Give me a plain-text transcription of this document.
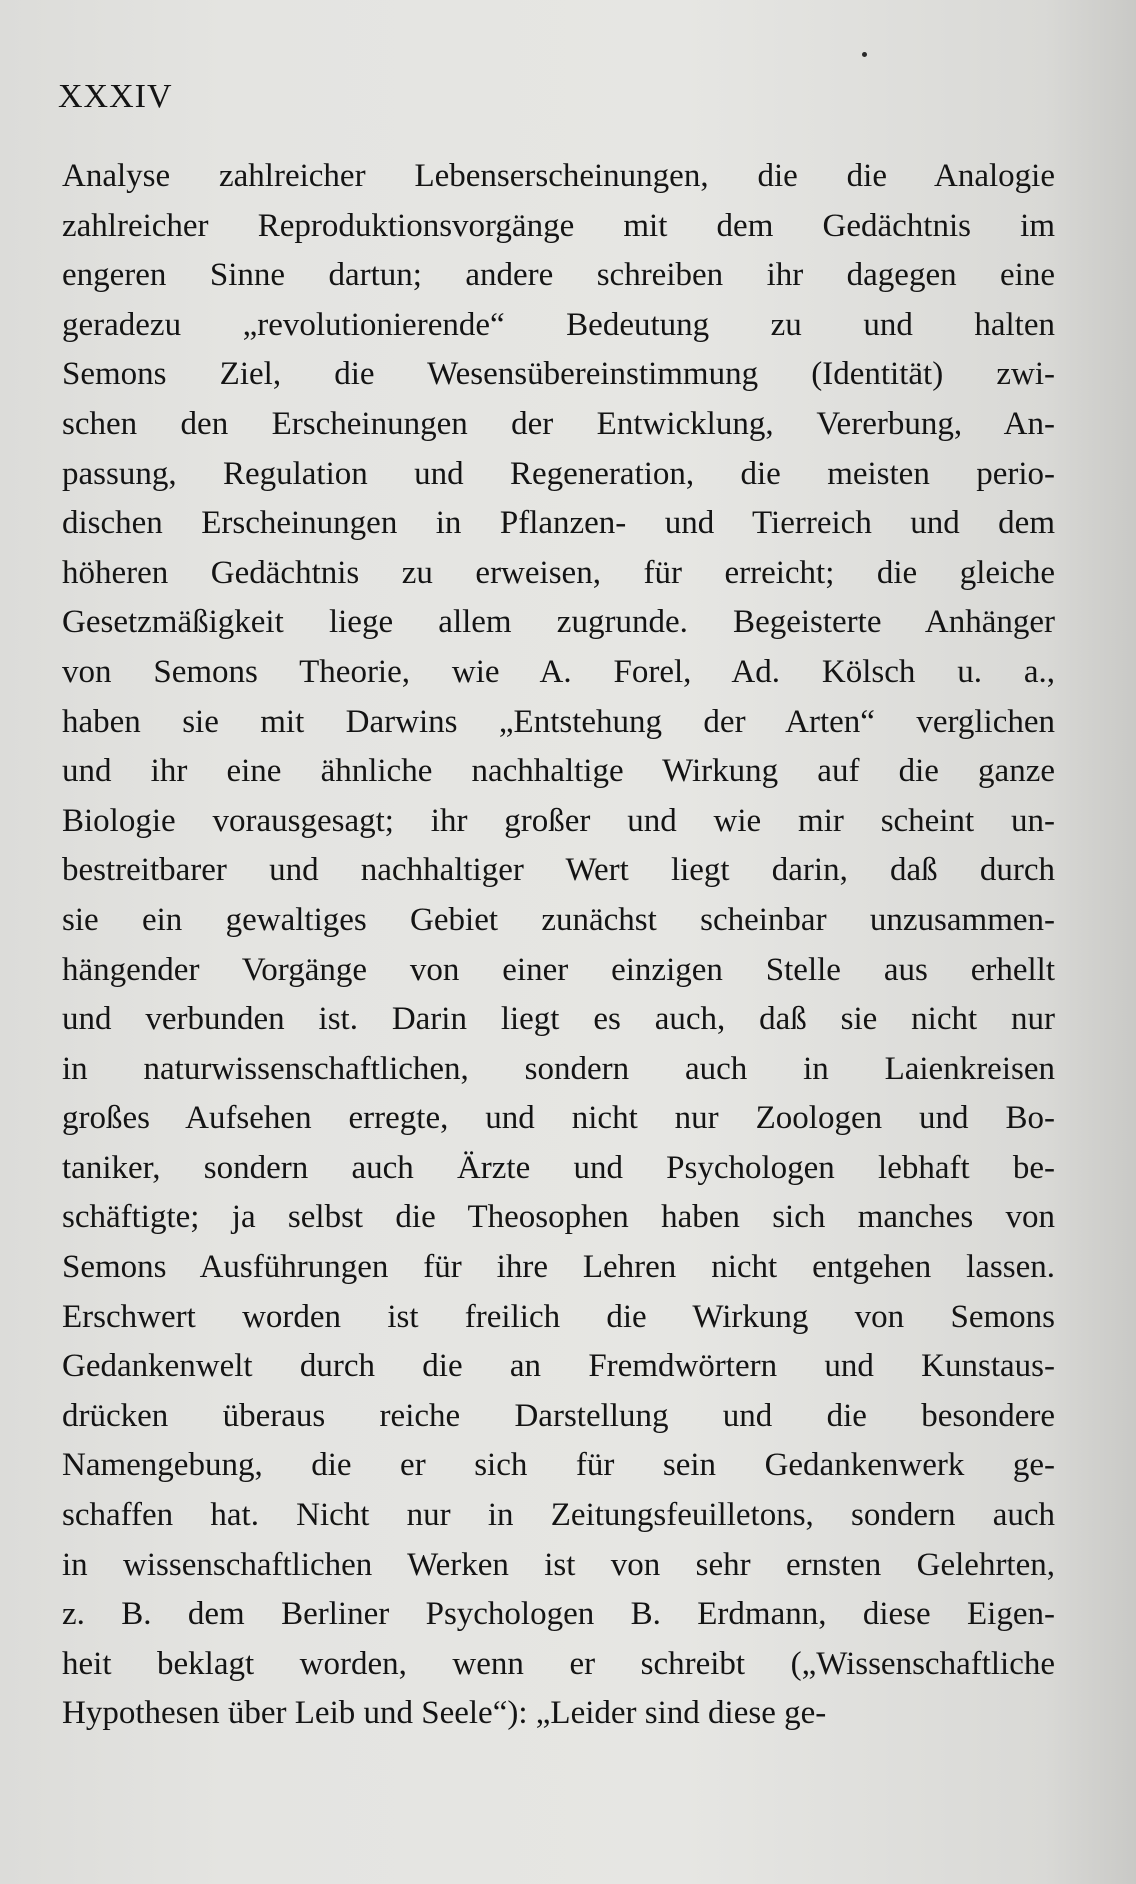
XXXIV
Analyse zahlreicher Lebenserscheinungen, die die Analogie
zahlreicher Reproduktionsvorgänge mit dem Gedächtnis im
engeren Sinne dartun; andere schreiben ihr dagegen eine
geradezu „revolutionierende“ Bedeutung zu und halten
Semons Ziel, die Wesensübereinstimmung (Identität) zwi-
schen den Erscheinungen der Entwicklung, Vererbung, An-
passung, Regulation und Regeneration, die meisten perio-
dischen Erscheinungen in Pflanzen- und Tierreich und dem
höheren Gedächtnis zu erweisen, für erreicht; die gleiche
Gesetzmäßigkeit liege allem zugrunde. Begeisterte Anhänger
von Semons Theorie, wie A. Forel, Ad. Kölsch u. a.,
haben sie mit Darwins „Entstehung der Arten“ verglichen
und ihr eine ähnliche nachhaltige Wirkung auf die ganze
Biologie vorausgesagt; ihr großer und wie mir scheint un-
bestreitbarer und nachhaltiger Wert liegt darin, daß durch
sie ein gewaltiges Gebiet zunächst scheinbar unzusammen-
hängender Vorgänge von einer einzigen Stelle aus erhellt
und verbunden ist. Darin liegt es auch, daß sie nicht nur
in naturwissenschaftlichen, sondern auch in Laienkreisen
großes Aufsehen erregte, und nicht nur Zoologen und Bo-
taniker, sondern auch Ärzte und Psychologen lebhaft be-
schäftigte; ja selbst die Theosophen haben sich manches von
Semons Ausführungen für ihre Lehren nicht entgehen lassen.
Erschwert worden ist freilich die Wirkung von Semons
Gedankenwelt durch die an Fremdwörtern und Kunstaus-
drücken überaus reiche Darstellung und die besondere
Namengebung, die er sich für sein Gedankenwerk ge-
schaffen hat. Nicht nur in Zeitungsfeuilletons, sondern auch
in wissenschaftlichen Werken ist von sehr ernsten Gelehrten,
z. B. dem Berliner Psychologen B. Erdmann, diese Eigen-
heit beklagt worden, wenn er schreibt („Wissenschaftliche
Hypothesen über Leib und Seele“): „Leider sind diese ge-
